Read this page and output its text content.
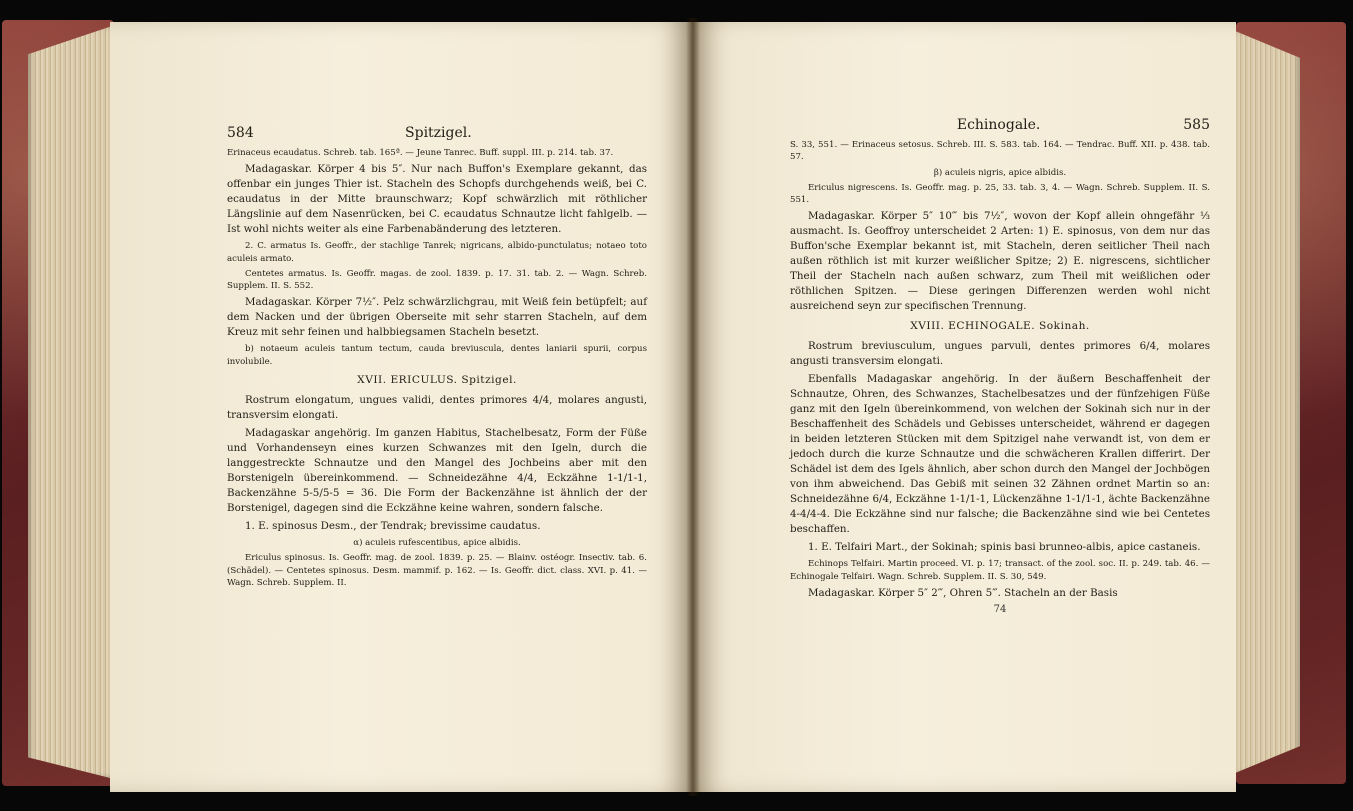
584	Spitzigel.

Erinaceus ecaudatus. Schreb. tab. 165ª. — Jeune Tanrec. Buff. suppl. III. p. 214. tab. 37.

Madagaskar. Körper 4 bis 5″. Nur nach Buffon's Exemplare gekannt, das offenbar ein junges Thier ist. Stacheln des Schopfs durchgehends weiß, bei C. ecaudatus in der Mitte braunschwarz; Kopf schwärzlich mit röthlicher Längslinie auf dem Nasenrücken, bei C. ecaudatus Schnautze licht fahlgelb. — Ist wohl nichts weiter als eine Farbenabänderung des letzteren.

2. C. armatus Is. Geoffr., der stachlige Tanrek; nigricans, albido-punctulatus; notaeo toto aculeis armato.

Centetes armatus. Is. Geoffr. magas. de zool. 1839. p. 17. 31. tab. 2. — Wagn. Schreb. Supplem. II. S. 552.

Madagaskar. Körper 7½″. Pelz schwärzlichgrau, mit Weiß fein betüpfelt; auf dem Nacken und der übrigen Oberseite mit sehr starren Stacheln, auf dem Kreuz mit sehr feinen und halbbiegsamen Stacheln besetzt.

b) notaeum aculeis tantum tectum, cauda breviuscula, dentes laniarii spurii, corpus involubile.

XVII. ERICULUS. Spitzigel.

Rostrum elongatum, ungues validi, dentes primores 4/4, molares angusti, transversim elongati.

Madagaskar angehörig. Im ganzen Habitus, Stachelbesatz, Form der Füße und Vorhandenseyn eines kurzen Schwanzes mit den Igeln, durch die langgestreckte Schnautze und den Mangel des Jochbeins aber mit den Borstenigeln übereinkommend. — Schneidezähne 4/4, Eckzähne 1-1/1-1, Backenzähne 5-5/5-5 = 36. Die Form der Backenzähne ist ähnlich der der Borstenigel, dagegen sind die Eckzähne keine wahren, sondern falsche.

1. E. spinosus Desm., der Tendrak; brevissime caudatus.

α) aculeis rufescentibus, apice albidis.

Ericulus spinosus. Is. Geoffr. mag. de zool. 1839. p. 25. — Blainv. ostéogr. Insectiv. tab. 6. (Schädel). — Centetes spinosus. Desm. mammif. p. 162. — Is. Geoffr. dict. class. XVI. p. 41. — Wagn. Schreb. Supplem. II.

Echinogale.	585

S. 33, 551. — Erinaceus setosus. Schreb. III. S. 583. tab. 164. — Tendrac. Buff. XII. p. 438. tab. 57.

β) aculeis nigris, apice albidis.

Ericulus nigrescens. Is. Geoffr. mag. p. 25, 33. tab. 3, 4. — Wagn. Schreb. Supplem. II. S. 551.

Madagaskar. Körper 5″ 10‴ bis 7½″, wovon der Kopf allein ohngefähr ⅓ ausmacht. Is. Geoffroy unterscheidet 2 Arten: 1) E. spinosus, von dem nur das Buffon'sche Exemplar bekannt ist, mit Stacheln, deren seitlicher Theil nach außen röthlich ist mit kurzer weißlicher Spitze; 2) E. nigrescens, sichtlicher Theil der Stacheln nach außen schwarz, zum Theil mit weißlichen oder röthlichen Spitzen. — Diese geringen Differenzen werden wohl nicht ausreichend seyn zur specifischen Trennung.

XVIII. ECHINOGALE. Sokinah.

Rostrum breviusculum, ungues parvuli, dentes primores 6/4, molares angusti transversim elongati.

Ebenfalls Madagaskar angehörig. In der äußern Beschaffenheit der Schnautze, Ohren, des Schwanzes, Stachelbesatzes und der fünfzehigen Füße ganz mit den Igeln übereinkommend, von welchen der Sokinah sich nur in der Beschaffenheit des Schädels und Gebisses unterscheidet, während er dagegen in beiden letzteren Stücken mit dem Spitzigel nahe verwandt ist, von dem er jedoch durch die kurze Schnautze und die schwächeren Krallen differirt. Der Schädel ist dem des Igels ähnlich, aber schon durch den Mangel der Jochbögen von ihm abweichend. Das Gebiß mit seinen 32 Zähnen ordnet Martin so an: Schneidezähne 6/4, Eckzähne 1-1/1-1, Lückenzähne 1-1/1-1, ächte Backenzähne 4-4/4-4. Die Eckzähne sind nur falsche; die Backenzähne sind wie bei Centetes beschaffen.

1. E. Telfairi Mart., der Sokinah; spinis basi brunneo-albis, apice castaneis.

Echinops Telfairi. Martin proceed. VI. p. 17; transact. of the zool. soc. II. p. 249. tab. 46. — Echinogale Telfairi. Wagn. Schreb. Supplem. II. S. 30, 549.

Madagaskar. Körper 5″ 2‴, Ohren 5‴. Stacheln an der Basis

74
